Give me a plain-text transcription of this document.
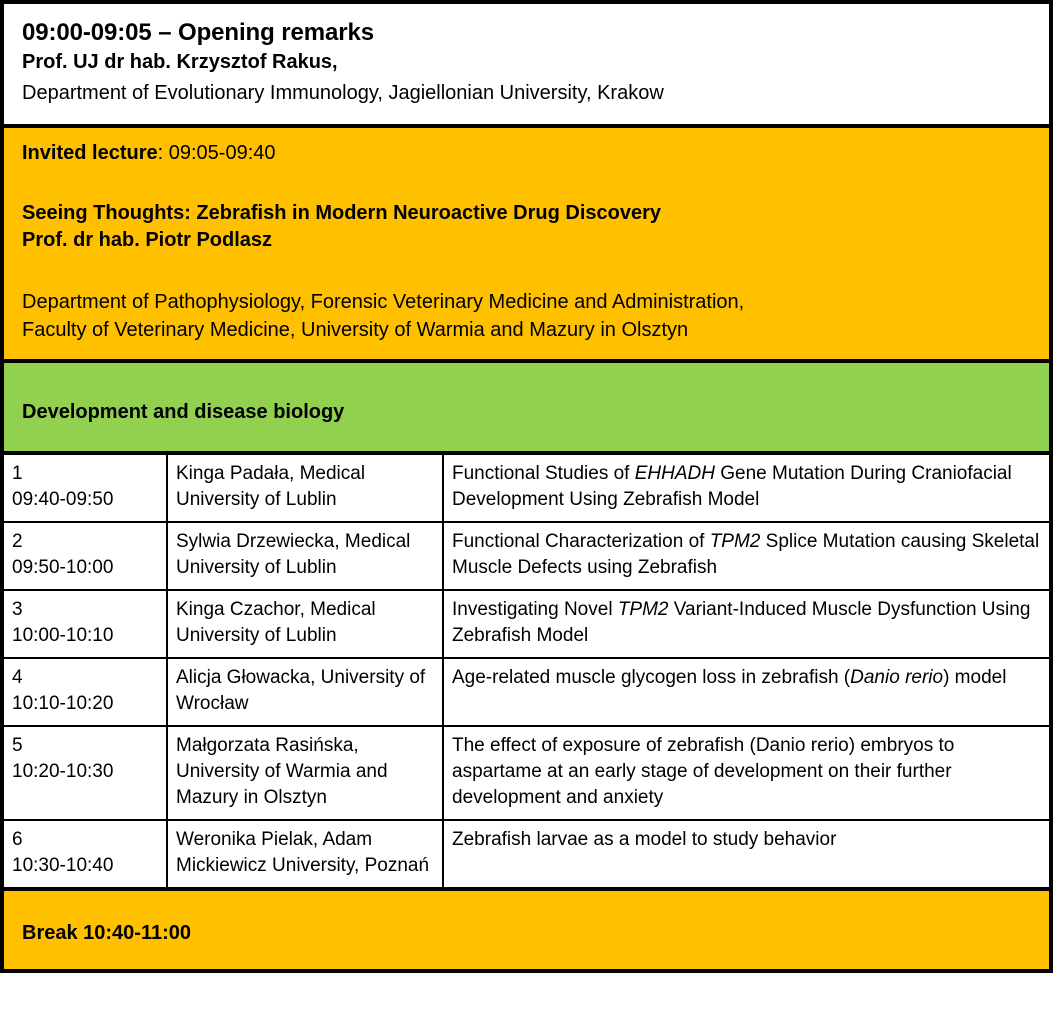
09:00-09:05 – Opening remarks
Prof. UJ dr hab. Krzysztof Rakus,
Department of Evolutionary Immunology, Jagiellonian University, Krakow
Invited lecture: 09:05-09:40
Seeing Thoughts: Zebrafish in Modern Neuroactive Drug Discovery
Prof. dr hab. Piotr Podlasz
Department of Pathophysiology, Forensic Veterinary Medicine and Administration,
Faculty of Veterinary Medicine, University of Warmia and Mazury in Olsztyn
Development and disease biology
1
09:40-09:50	Kinga Padała, Medical University of Lublin	Functional Studies of EHHADH Gene Mutation During Craniofacial Development Using Zebrafish Model

2
09:50-10:00	Sylwia Drzewiecka, Medical University of Lublin	Functional Characterization of TPM2 Splice Mutation causing Skeletal Muscle Defects using Zebrafish

3
10:00-10:10	Kinga Czachor, Medical University of Lublin	Investigating Novel TPM2 Variant-Induced Muscle Dysfunction Using Zebrafish Model

4
10:10-10:20	Alicja Głowacka, University of Wrocław	Age-related muscle glycogen loss in zebrafish (Danio rerio) model

5
10:20-10:30	Małgorzata Rasińska, University of Warmia and Mazury in Olsztyn	The effect of exposure of zebrafish (Danio rerio) embryos to aspartame at an early stage of development on their further development and anxiety

6
10:30-10:40	Weronika Pielak, Adam Mickiewicz University, Poznań	Zebrafish larvae as a model to study behavior
Break 10:40-11:00
